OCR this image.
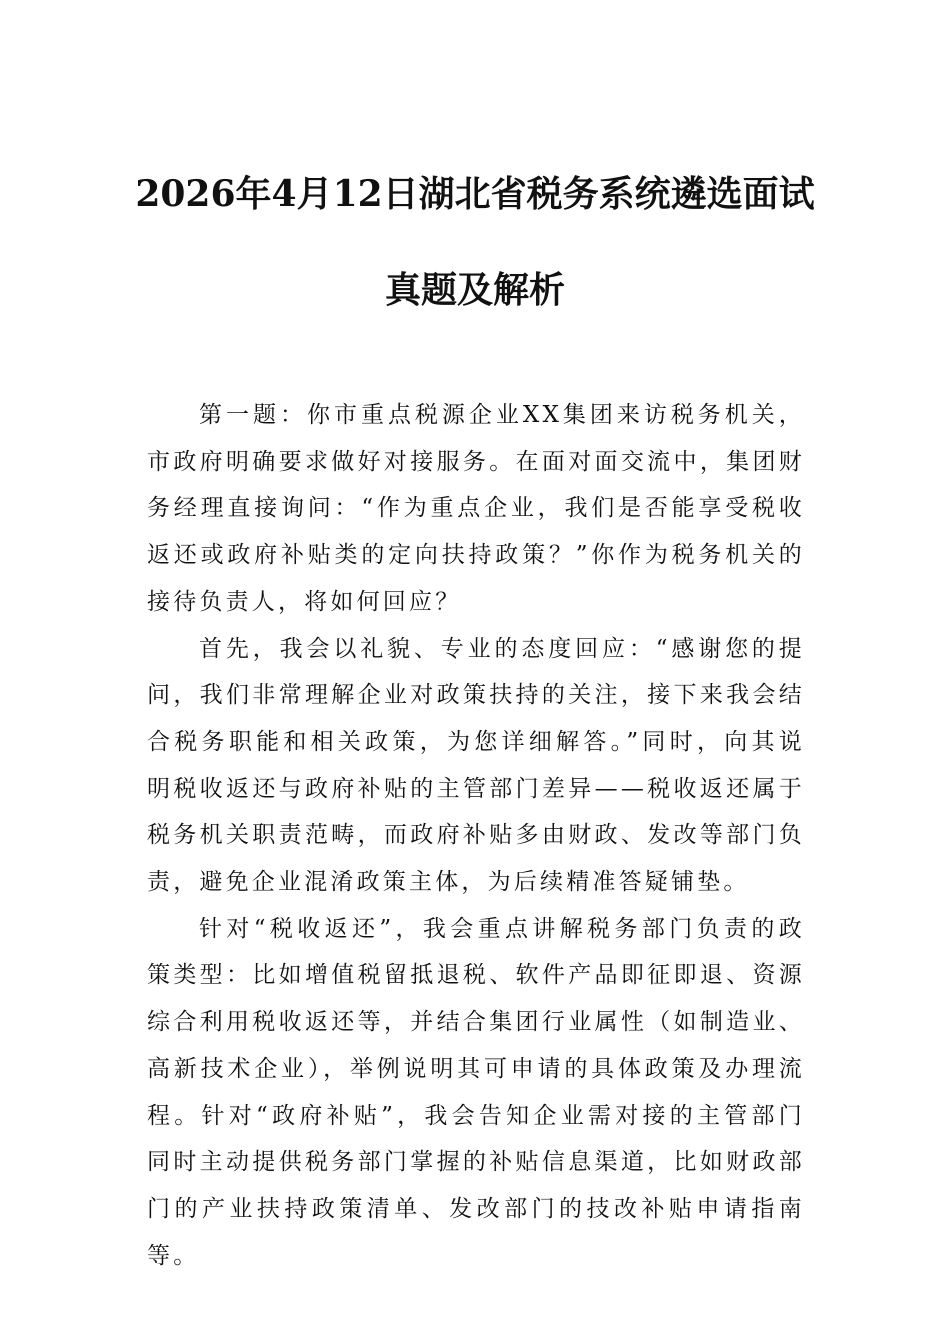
2026年4月12日湖北省税务系统遴选面试
真题及解析

第一题：你市重点税源企业XX集团来访税务机关，市政府明确要求做好对接服务。在面对面交流中，集团财务经理直接询问：“作为重点企业，我们是否能享受税收返还或政府补贴类的定向扶持政策？”你作为税务机关的接待负责人，将如何回应？

首先，我会以礼貌、专业的态度回应：“感谢您的提问，我们非常理解企业对政策扶持的关注，接下来我会结合税务职能和相关政策，为您详细解答。”同时，向其说明税收返还与政府补贴的主管部门差异——税收返还属于税务机关职责范畴，而政府补贴多由财政、发改等部门负责，避免企业混淆政策主体，为后续精准答疑铺垫。

针对“税收返还”，我会重点讲解税务部门负责的政策类型：比如增值税留抵退税、软件产品即征即退、资源综合利用税收返还等，并结合集团行业属性（如制造业、高新技术企业），举例说明其可申请的具体政策及办理流程。针对“政府补贴”，我会告知企业需对接的主管部门同时主动提供税务部门掌握的补贴信息渠道，比如财政部门的产业扶持政策清单、发改部门的技改补贴申请指南等。
